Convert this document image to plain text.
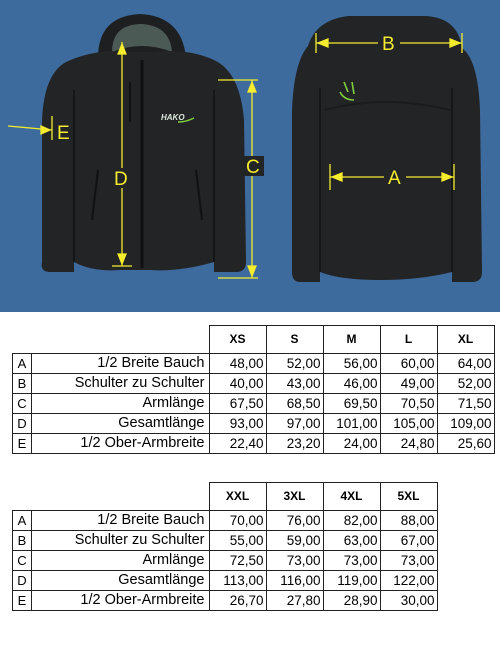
HAKO
D
C
E
B
A
		XS	S	M	L	XL
A	1/2 Breite Bauch	48,00	52,00	56,00	60,00	64,00
B	Schulter zu Schulter	40,00	43,00	46,00	49,00	52,00
C	Armlänge	67,50	68,50	69,50	70,50	71,50
D	Gesamtlänge	93,00	97,00	101,00	105,00	109,00
E	1/2 Ober-Armbreite	22,40	23,20	24,00	24,80	25,60
		XXL	3XL	4XL	5XL
A	1/2 Breite Bauch	70,00	76,00	82,00	88,00
B	Schulter zu Schulter	55,00	59,00	63,00	67,00
C	Armlänge	72,50	73,00	73,00	73,00
D	Gesamtlänge	113,00	116,00	119,00	122,00
E	1/2 Ober-Armbreite	26,70	27,80	28,90	30,00
